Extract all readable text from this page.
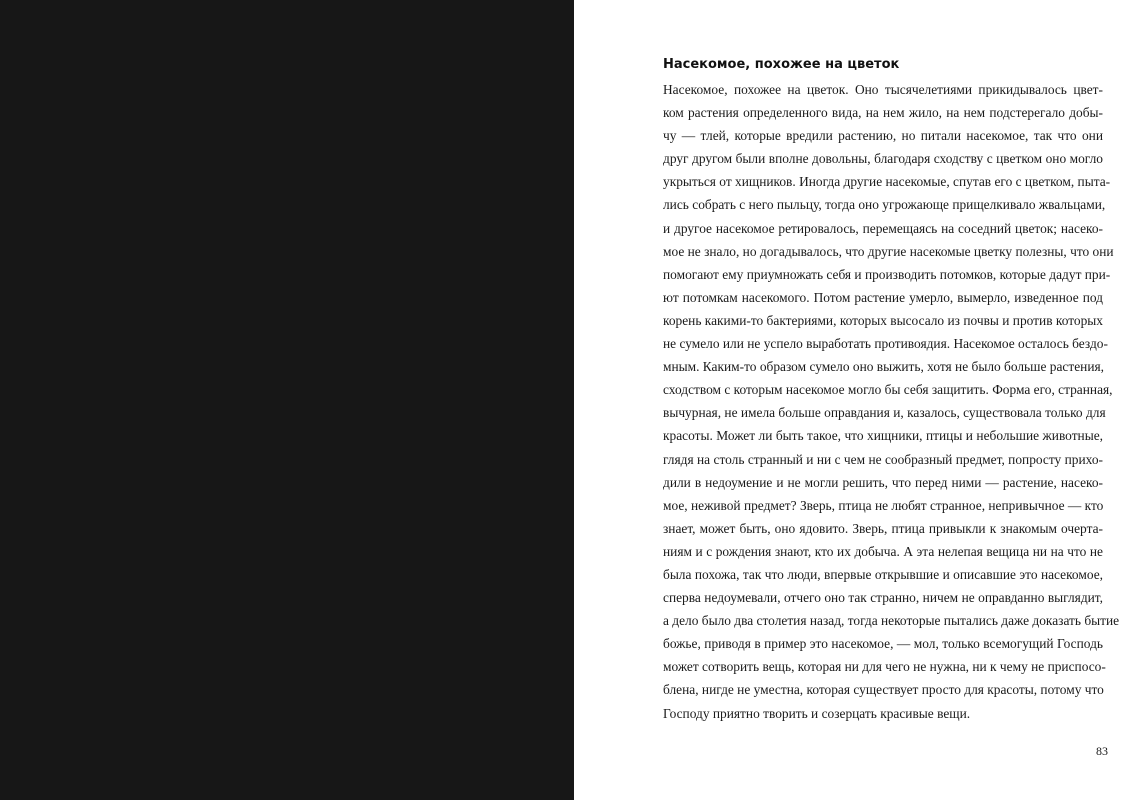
Насекомое, похожее на цветок
Насекомое, похожее на цветок. Оно тысячелетиями прикидывалось цвет-
ком растения определенного вида, на нем жило, на нем подстерегало добы-
чу — тлей, которые вредили растению, но питали насекомое, так что они
друг другом были вполне довольны, благодаря сходству с цветком оно могло
укрыться от хищников. Иногда другие насекомые, спутав его с цветком, пыта-
лись собрать с него пыльцу, тогда оно угрожающе прищелкивало жвальцами,
и другое насекомое ретировалось, перемещаясь на соседний цветок; насеко-
мое не знало, но догадывалось, что другие насекомые цветку полезны, что они
помогают ему приумножать себя и производить потомков, которые дадут при-
ют потомкам насекомого. Потом растение умерло, вымерло, изведенное под
корень какими-то бактериями, которых высосало из почвы и против которых
не сумело или не успело выработать противоядия. Насекомое осталось бездо-
мным. Каким-то образом сумело оно выжить, хотя не было больше растения,
сходством с которым насекомое могло бы себя защитить. Форма его, странная,
вычурная, не имела больше оправдания и, казалось, существовала только для
красоты. Может ли быть такое, что хищники, птицы и небольшие животные,
глядя на столь странный и ни с чем не сообразный предмет, попросту прихо-
дили в недоумение и не могли решить, что перед ними — растение, насеко-
мое, неживой предмет? Зверь, птица не любят странное, непривычное — кто
знает, может быть, оно ядовито. Зверь, птица привыкли к знакомым очерта-
ниям и с рождения знают, кто их добыча. А эта нелепая вещица ни на что не
была похожа, так что люди, впервые открывшие и описавшие это насекомое,
сперва недоумевали, отчего оно так странно, ничем не оправданно выглядит,
а дело было два столетия назад, тогда некоторые пытались даже доказать бытие
божье, приводя в пример это насекомое, — мол, только всемогущий Господь
может сотворить вещь, которая ни для чего не нужна, ни к чему не приспосо-
блена, нигде не уместна, которая существует просто для красоты, потому что
Господу приятно творить и созерцать красивые вещи.
83
